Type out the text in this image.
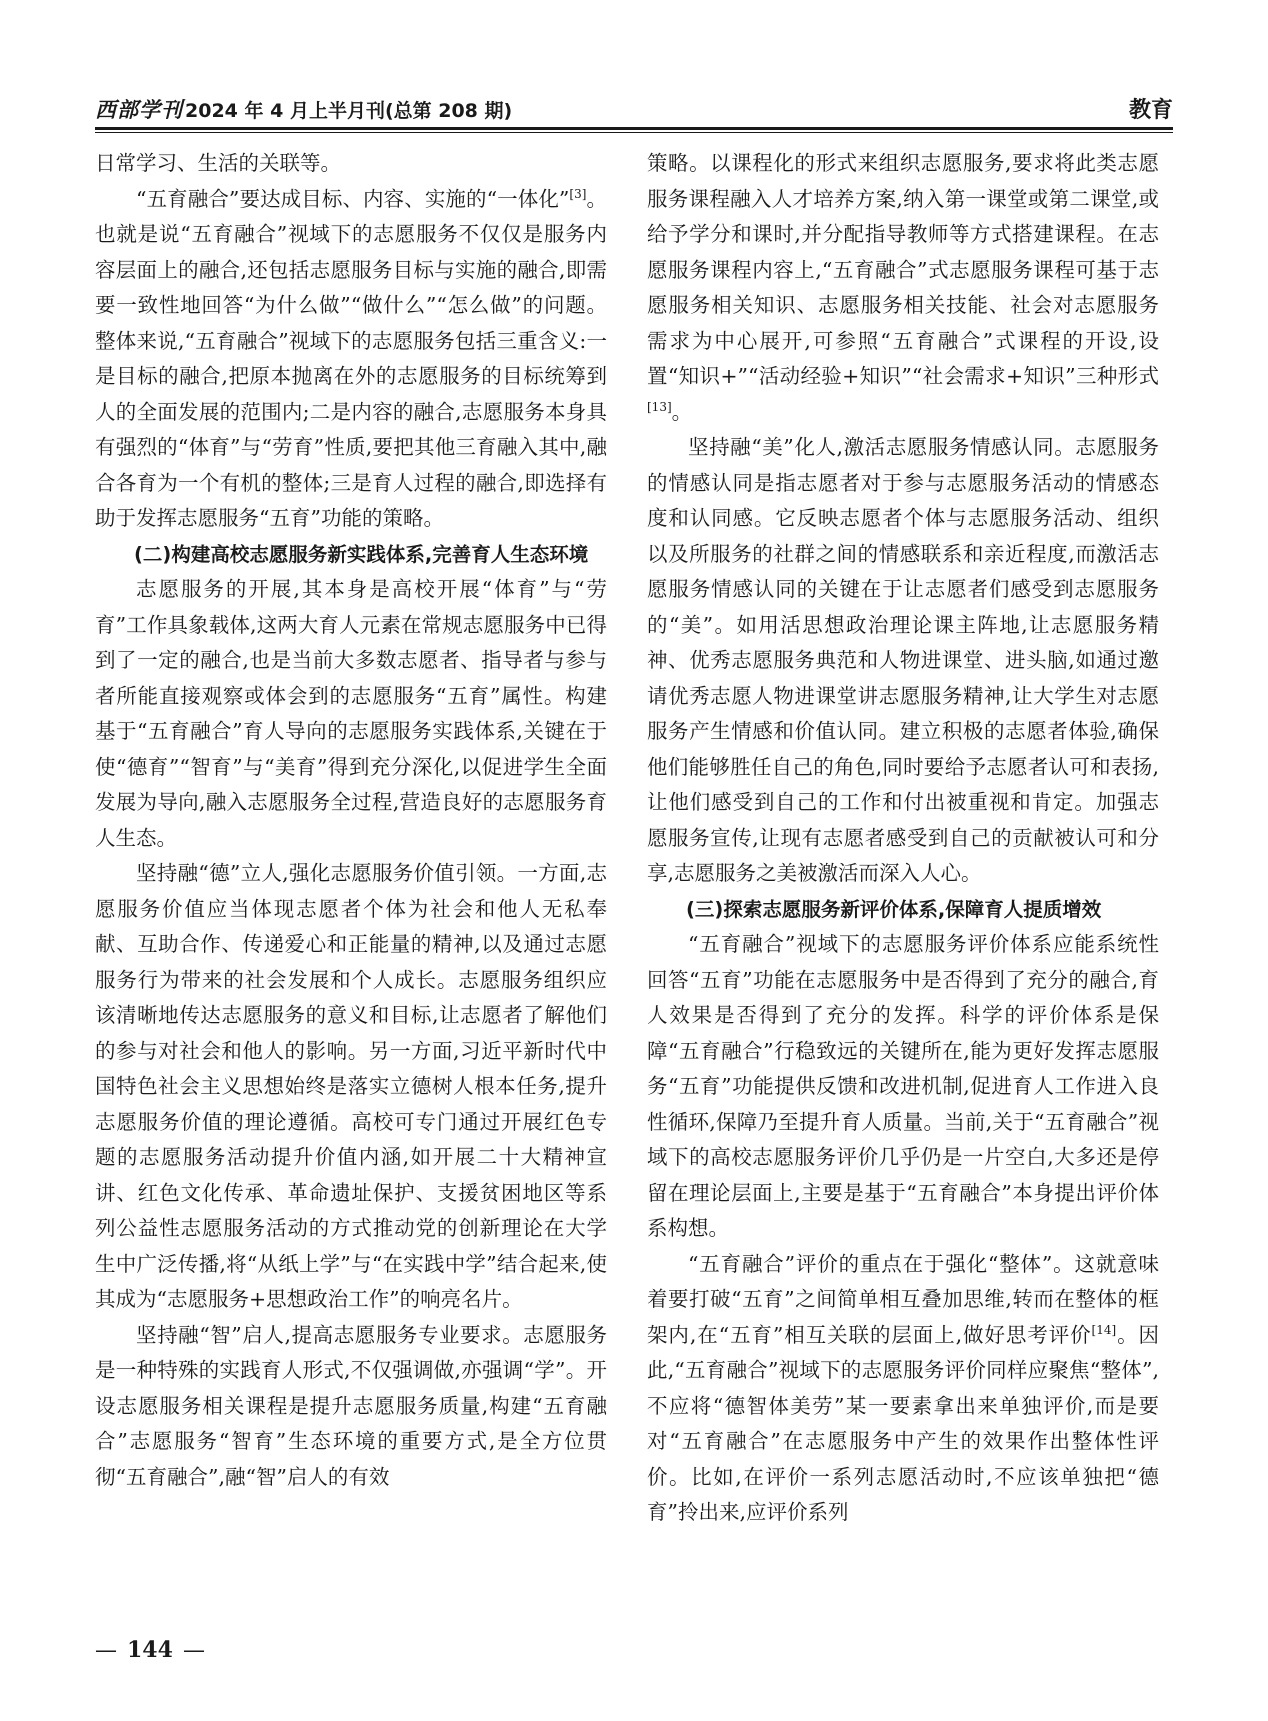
西部学刊 2024 年 4 月上半月刊(总第 208 期)	教育

日常学习、生活的关联等。

“五育融合”要达成目标、内容、实施的“一体化”[3]。也就是说“五育融合”视域下的志愿服务不仅仅是服务内容层面上的融合,还包括志愿服务目标与实施的融合,即需要一致性地回答“为什么做”“做什么”“怎么做”的问题。整体来说,“五育融合”视域下的志愿服务包括三重含义:一是目标的融合,把原本抛离在外的志愿服务的目标统筹到人的全面发展的范围内;二是内容的融合,志愿服务本身具有强烈的“体育”与“劳育”性质,要把其他三育融入其中,融合各育为一个有机的整体;三是育人过程的融合,即选择有助于发挥志愿服务“五育”功能的策略。

(二)构建高校志愿服务新实践体系,完善育人生态环境

志愿服务的开展,其本身是高校开展“体育”与“劳育”工作具象载体,这两大育人元素在常规志愿服务中已得到了一定的融合,也是当前大多数志愿者、指导者与参与者所能直接观察或体会到的志愿服务“五育”属性。构建基于“五育融合”育人导向的志愿服务实践体系,关键在于使“德育”“智育”与“美育”得到充分深化,以促进学生全面发展为导向,融入志愿服务全过程,营造良好的志愿服务育人生态。

坚持融“德”立人,强化志愿服务价值引领。一方面,志愿服务价值应当体现志愿者个体为社会和他人无私奉献、互助合作、传递爱心和正能量的精神,以及通过志愿服务行为带来的社会发展和个人成长。志愿服务组织应该清晰地传达志愿服务的意义和目标,让志愿者了解他们的参与对社会和他人的影响。另一方面,习近平新时代中国特色社会主义思想始终是落实立德树人根本任务,提升志愿服务价值的理论遵循。高校可专门通过开展红色专题的志愿服务活动提升价值内涵,如开展二十大精神宣讲、红色文化传承、革命遗址保护、支援贫困地区等系列公益性志愿服务活动的方式推动党的创新理论在大学生中广泛传播,将“从纸上学”与“在实践中学”结合起来,使其成为“志愿服务+思想政治工作”的响亮名片。

坚持融“智”启人,提高志愿服务专业要求。志愿服务是一种特殊的实践育人形式,不仅强调做,亦强调“学”。开设志愿服务相关课程是提升志愿服务质量,构建“五育融合”志愿服务“智育”生态环境的重要方式,是全方位贯彻“五育融合”,融“智”启人的有效

策略。以课程化的形式来组织志愿服务,要求将此类志愿服务课程融入人才培养方案,纳入第一课堂或第二课堂,或给予学分和课时,并分配指导教师等方式搭建课程。在志愿服务课程内容上,“五育融合”式志愿服务课程可基于志愿服务相关知识、志愿服务相关技能、社会对志愿服务需求为中心展开,可参照“五育融合”式课程的开设,设置“知识+”“活动经验+知识”“社会需求+知识”三种形式[13]。

坚持融“美”化人,激活志愿服务情感认同。志愿服务的情感认同是指志愿者对于参与志愿服务活动的情感态度和认同感。它反映志愿者个体与志愿服务活动、组织以及所服务的社群之间的情感联系和亲近程度,而激活志愿服务情感认同的关键在于让志愿者们感受到志愿服务的“美”。如用活思想政治理论课主阵地,让志愿服务精神、优秀志愿服务典范和人物进课堂、进头脑,如通过邀请优秀志愿人物进课堂讲志愿服务精神,让大学生对志愿服务产生情感和价值认同。建立积极的志愿者体验,确保他们能够胜任自己的角色,同时要给予志愿者认可和表扬,让他们感受到自己的工作和付出被重视和肯定。加强志愿服务宣传,让现有志愿者感受到自己的贡献被认可和分享,志愿服务之美被激活而深入人心。

(三)探索志愿服务新评价体系,保障育人提质增效

“五育融合”视域下的志愿服务评价体系应能系统性回答“五育”功能在志愿服务中是否得到了充分的融合,育人效果是否得到了充分的发挥。科学的评价体系是保障“五育融合”行稳致远的关键所在,能为更好发挥志愿服务“五育”功能提供反馈和改进机制,促进育人工作进入良性循环,保障乃至提升育人质量。当前,关于“五育融合”视域下的高校志愿服务评价几乎仍是一片空白,大多还是停留在理论层面上,主要是基于“五育融合”本身提出评价体系构想。

“五育融合”评价的重点在于强化“整体”。这就意味着要打破“五育”之间简单相互叠加思维,转而在整体的框架内,在“五育”相互关联的层面上,做好思考评价[14]。因此,“五育融合”视域下的志愿服务评价同样应聚焦“整体”,不应将“德智体美劳”某一要素拿出来单独评价,而是要对“五育融合”在志愿服务中产生的效果作出整体性评价。比如,在评价一系列志愿活动时,不应该单独把“德育”拎出来,应评价系列

— 144 —
